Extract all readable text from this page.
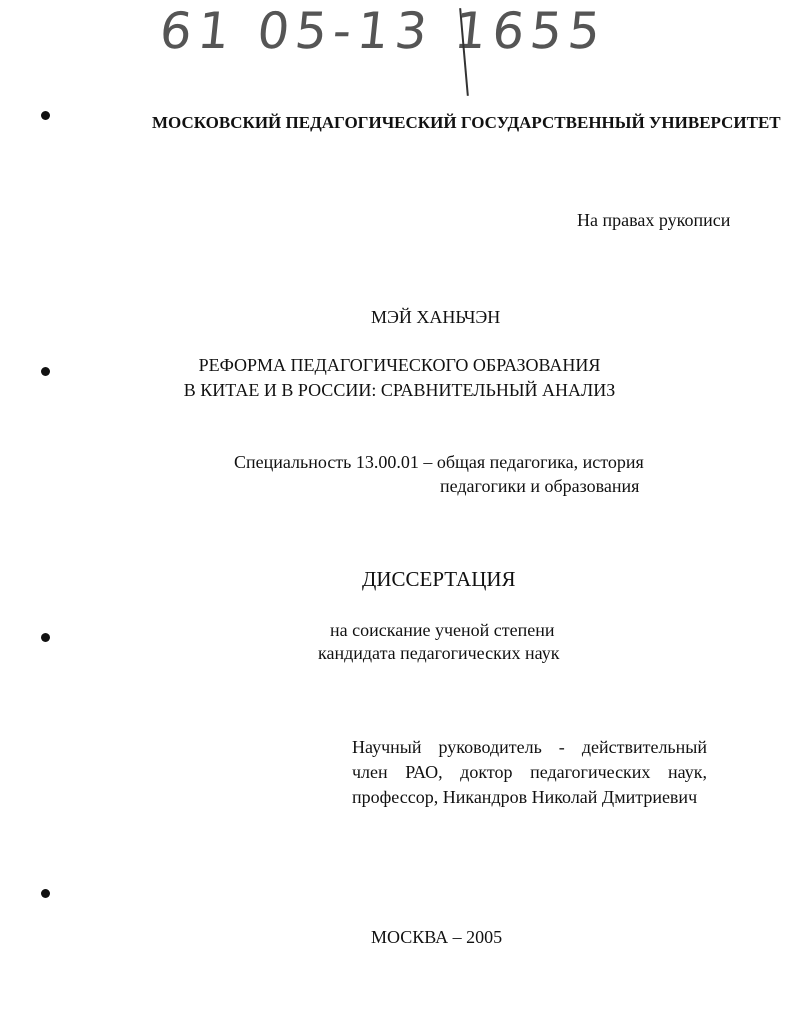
61 05-13 1655
МОСКОВСКИЙ ПЕДАГОГИЧЕСКИЙ ГОСУДАРСТВЕННЫЙ УНИВЕРСИТЕТ
На правах рукописи
МЭЙ ХАНЬЧЭН
РЕФОРМА ПЕДАГОГИЧЕСКОГО ОБРАЗОВАНИЯ
В КИТАЕ И В РОССИИ: СРАВНИТЕЛЬНЫЙ АНАЛИЗ
Специальность 13.00.01 – общая педагогика, история
педагогики и образования
ДИССЕРТАЦИЯ
на соискание ученой степени
кандидата педагогических наук
Научный руководитель - действительный
член РАО, доктор педагогических наук,
профессор, Никандров Николай Дмитриевич
МОСКВА – 2005
